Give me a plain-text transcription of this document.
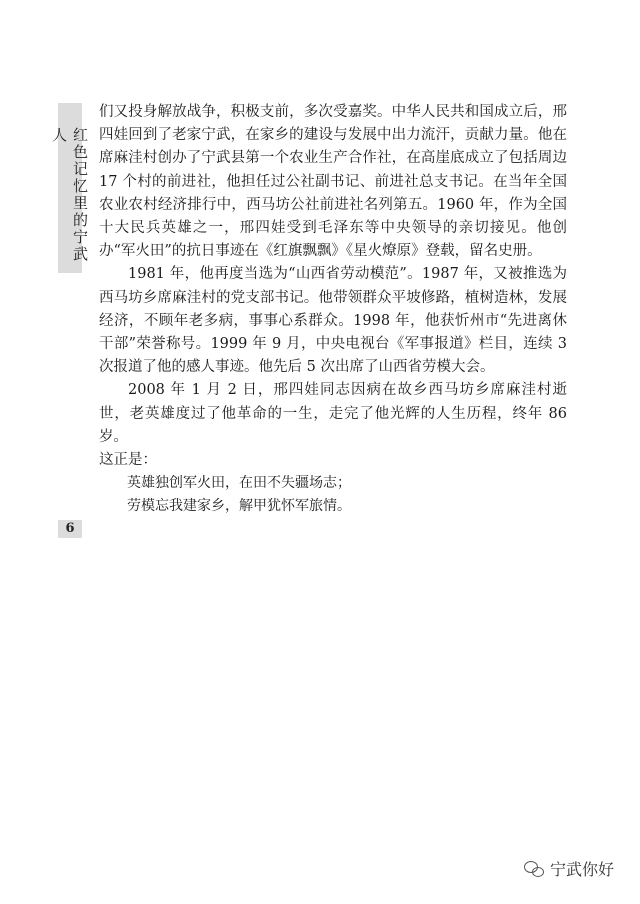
红色记忆里的宁武人
6

们又投身解放战争，积极支前，多次受嘉奖。中华人民共和国成立后，邢四娃回到了老家宁武，在家乡的建设与发展中出力流汗，贡献力量。他在席麻洼村创办了宁武县第一个农业生产合作社，在高崖底成立了包括周边 17 个村的前进社，他担任过公社副书记、前进社总支书记。在当年全国农业农村经济排行中，西马坊公社前进社名列第五。1960 年，作为全国十大民兵英雄之一，邢四娃受到毛泽东等中央领导的亲切接见。他创办“军火田”的抗日事迹在《红旗飘飘》《星火燎原》登载，留名史册。

1981 年，他再度当选为“山西省劳动模范”。1987 年，又被推选为西马坊乡席麻洼村的党支部书记。他带领群众平坡修路，植树造林，发展经济，不顾年老多病，事事心系群众。1998 年，他获忻州市“先进离休干部”荣誉称号。1999 年 9 月，中央电视台《军事报道》栏目，连续 3 次报道了他的感人事迹。他先后 5 次出席了山西省劳模大会。

2008 年 1 月 2 日，邢四娃同志因病在故乡西马坊乡席麻洼村逝世，老英雄度过了他革命的一生，走完了他光辉的人生历程，终年 86 岁。

这正是：

英雄独创军火田，在田不失疆场志；

劳模忘我建家乡，解甲犹怀军旅情。

宁武你好
